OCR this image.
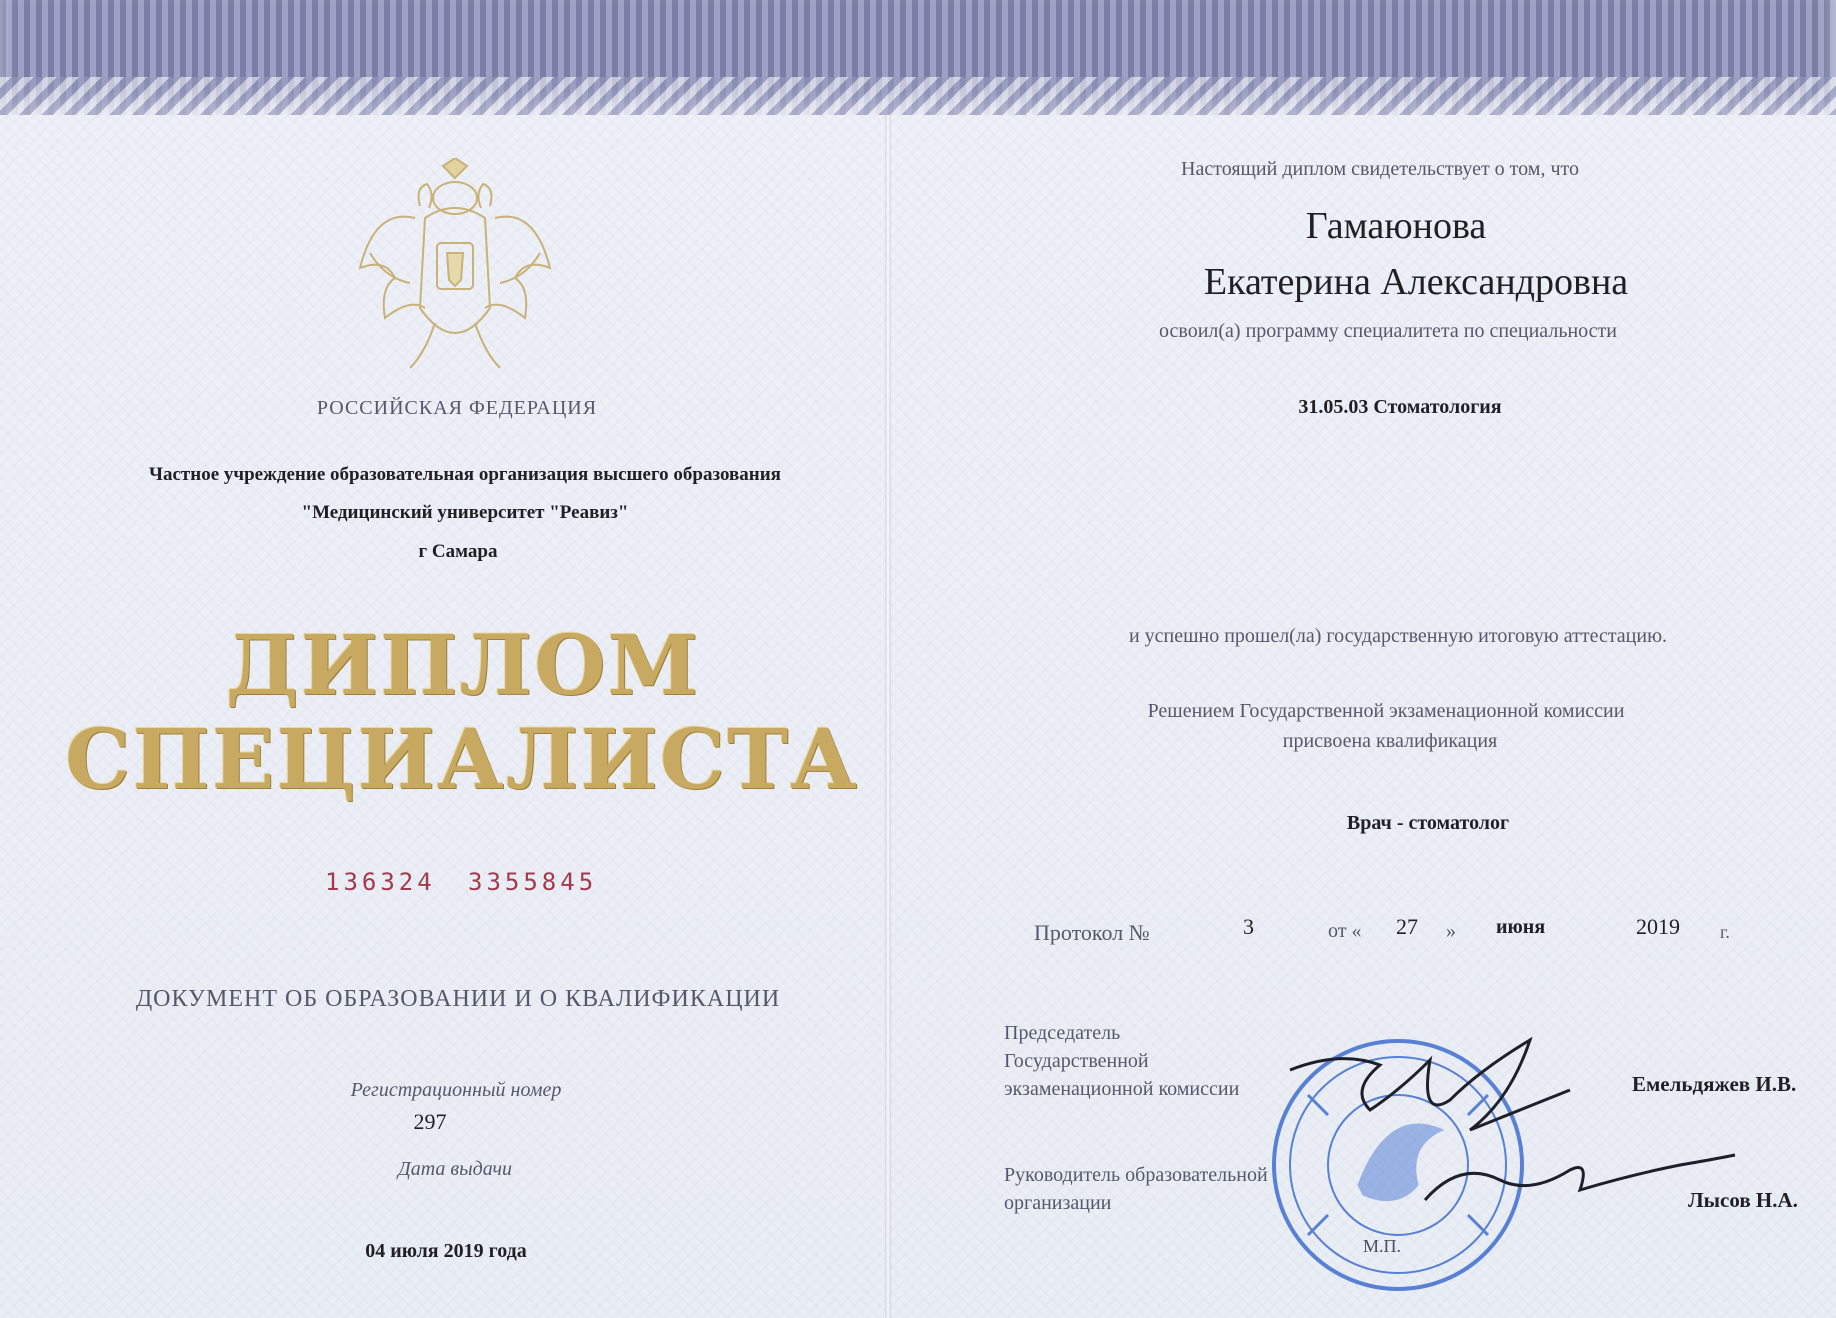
РОССИЙСКАЯ ФЕДЕРАЦИЯ
Частное учреждение образовательная организация высшего образования
"Медицинский университет "Реавиз"
г Самара
ДИПЛОМ
СПЕЦИАЛИСТА
136324 3355845
ДОКУМЕНТ ОБ ОБРАЗОВАНИИ И О КВАЛИФИКАЦИИ
Регистрационный номер
297
Дата выдачи
04 июля 2019 года
Настоящий диплом свидетельствует о том, что
Гамаюнова
Екатерина Александровна
освоил(а) программу специалитета по специальности
31.05.03 Стоматология
и успешно прошел(ла) государственную итоговую аттестацию.
Решением Государственной экзаменационной комиссии
присвоена квалификация
Врач - стоматолог
Протокол №	3	от « 27 » июня	2019 г.
Председатель
Государственной
экзаменационной комиссии	Емельдяжев И.В.
Руководитель образовательной
организации	Лысов Н.А.
М.П.
